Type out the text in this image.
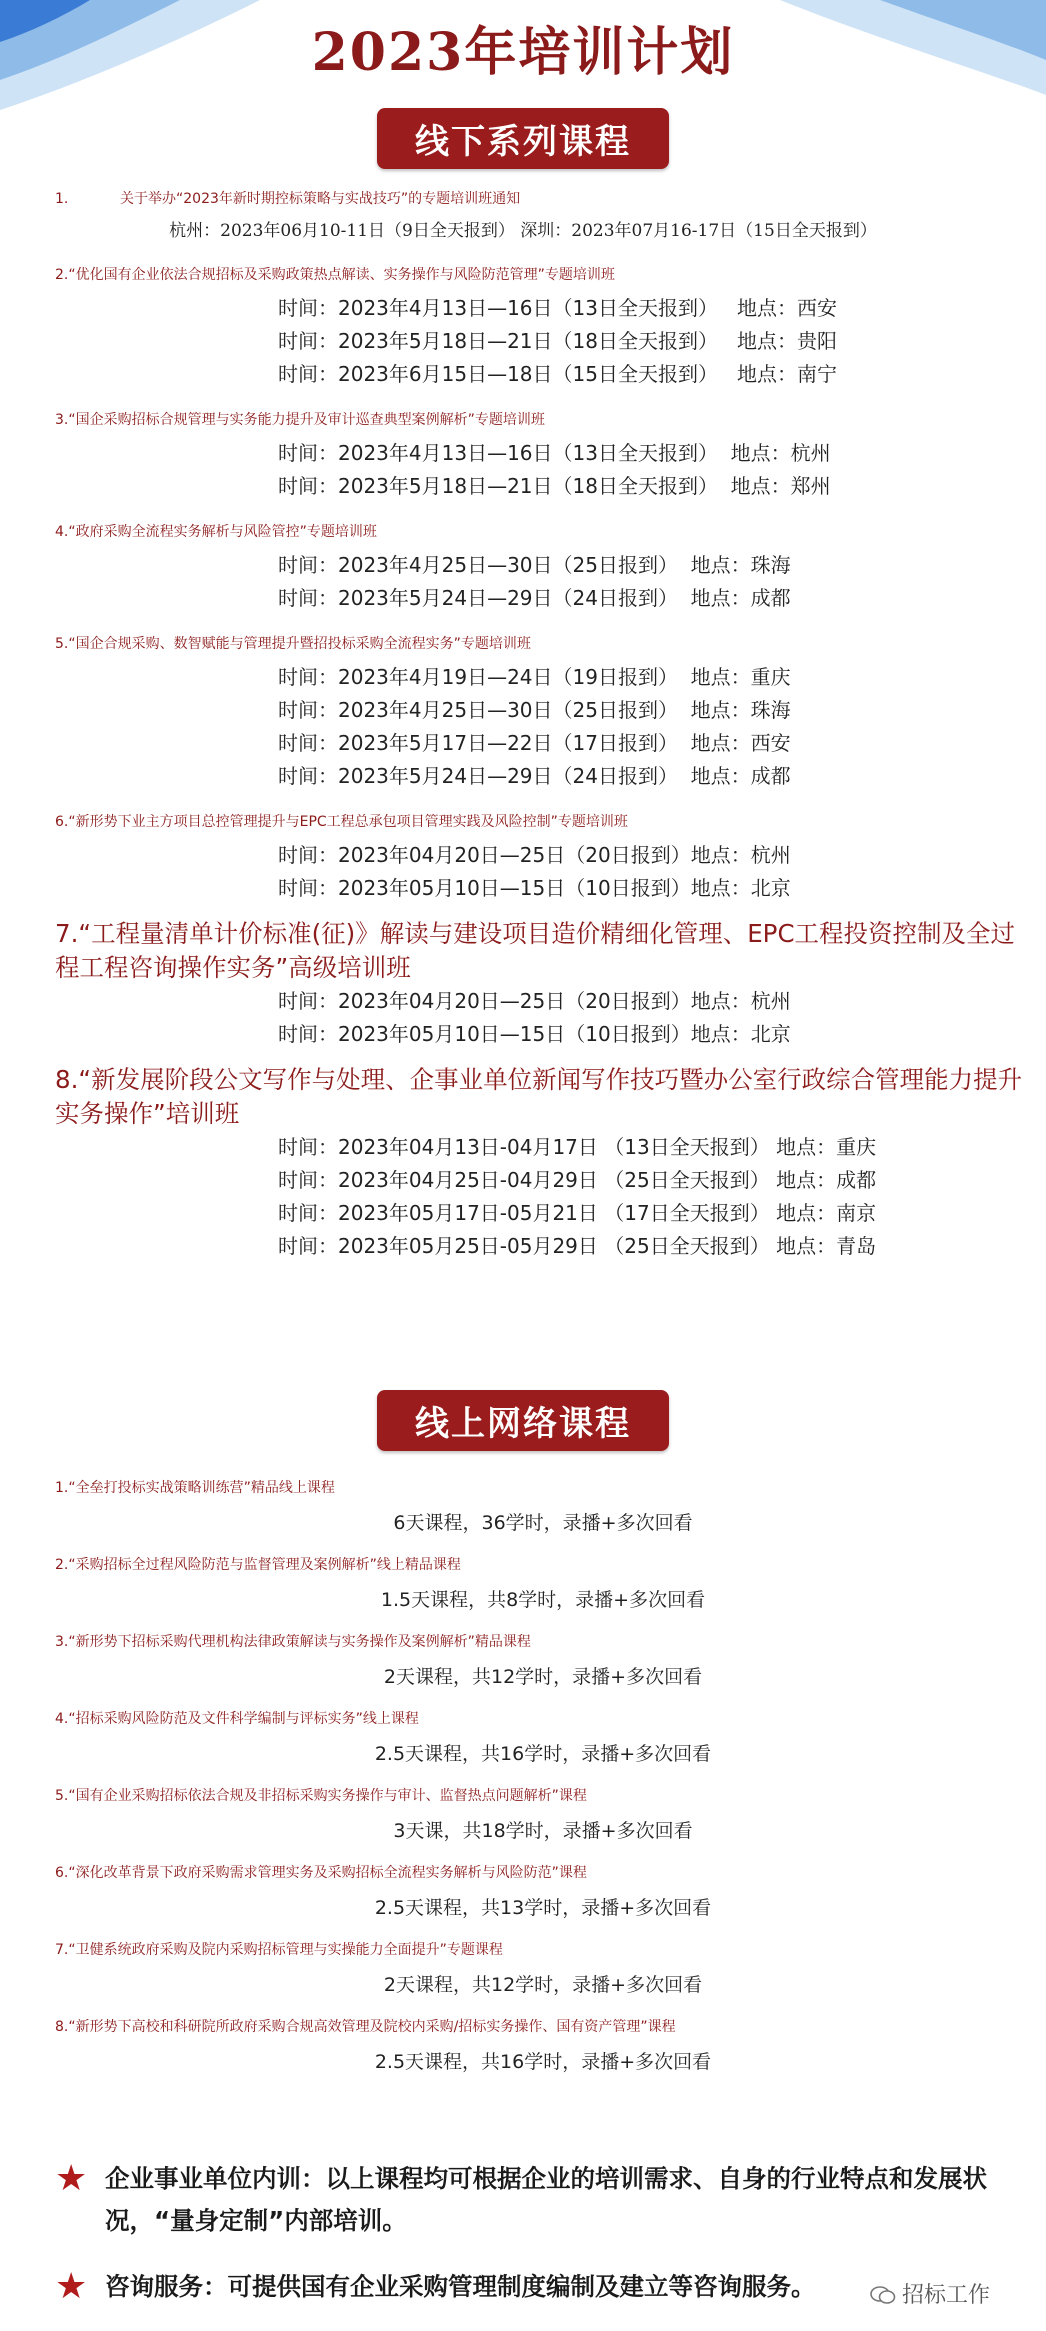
2023年培训计划
线下系列课程
1.	关于举办“2023年新时期控标策略与实战技巧”的专题培训班通知
杭州：2023年06月10-11日（9日全天报到） 深圳：2023年07月16-17日（15日全天报到）
2.“优化国有企业依法合规招标及采购政策热点解读、实务操作与风险防范管理”专题培训班
时间：2023年4月13日—16日（13日全天报到）   地点：西安
时间：2023年5月18日—21日（18日全天报到）   地点：贵阳
时间：2023年6月15日—18日（15日全天报到）   地点：南宁
3.“国企采购招标合规管理与实务能力提升及审计巡查典型案例解析”专题培训班
时间：2023年4月13日—16日（13日全天报到）  地点：杭州
时间：2023年5月18日—21日（18日全天报到）  地点：郑州
4.“政府采购全流程实务解析与风险管控”专题培训班
时间：2023年4月25日—30日（25日报到）  地点：珠海
时间：2023年5月24日—29日（24日报到）  地点：成都
5.“国企合规采购、数智赋能与管理提升暨招投标采购全流程实务”专题培训班
时间：2023年4月19日—24日（19日报到）  地点：重庆
时间：2023年4月25日—30日（25日报到）  地点：珠海
时间：2023年5月17日—22日（17日报到）  地点：西安
时间：2023年5月24日—29日（24日报到）  地点：成都
6.“新形势下业主方项目总控管理提升与EPC工程总承包项目管理实践及风险控制”专题培训班
时间：2023年04月20日—25日（20日报到）地点：杭州
时间：2023年05月10日—15日（10日报到）地点：北京
7.“工程量清单计价标准(征)》解读与建设项目造价精细化管理、EPC工程投资控制及全过程工程咨询操作实务”高级培训班
时间：2023年04月20日—25日（20日报到）地点：杭州
时间：2023年05月10日—15日（10日报到）地点：北京
8.“新发展阶段公文写作与处理、企事业单位新闻写作技巧暨办公室行政综合管理能力提升实务操作”培训班
时间：2023年04月13日-04月17日 （13日全天报到） 地点：重庆
时间：2023年04月25日-04月29日 （25日全天报到） 地点：成都
时间：2023年05月17日-05月21日 （17日全天报到） 地点：南京
时间：2023年05月25日-05月29日 （25日全天报到） 地点：青岛
线上网络课程
1.“全垒打投标实战策略训练营”精品线上课程
6天课程，36学时，录播+多次回看
2.“采购招标全过程风险防范与监督管理及案例解析”线上精品课程
1.5天课程，共8学时，录播+多次回看
3.“新形势下招标采购代理机构法律政策解读与实务操作及案例解析”精品课程
2天课程，共12学时，录播+多次回看
4.“招标采购风险防范及文件科学编制与评标实务”线上课程
2.5天课程，共16学时，录播+多次回看
5.“国有企业采购招标依法合规及非招标采购实务操作与审计、监督热点问题解析”课程
3天课，共18学时，录播+多次回看
6.“深化改革背景下政府采购需求管理实务及采购招标全流程实务解析与风险防范”课程
2.5天课程，共13学时，录播+多次回看
7.“卫健系统政府采购及院内采购招标管理与实操能力全面提升”专题课程
2天课程，共12学时，录播+多次回看
8.“新形势下高校和科研院所政府采购合规高效管理及院校内采购/招标实务操作、国有资产管理”课程
2.5天课程，共16学时，录播+多次回看
★ 企业事业单位内训：以上课程均可根据企业的培训需求、自身的行业特点和发展状况，“量身定制”内部培训。
★ 咨询服务：可提供国有企业采购管理制度编制及建立等咨询服务。	招标工作
